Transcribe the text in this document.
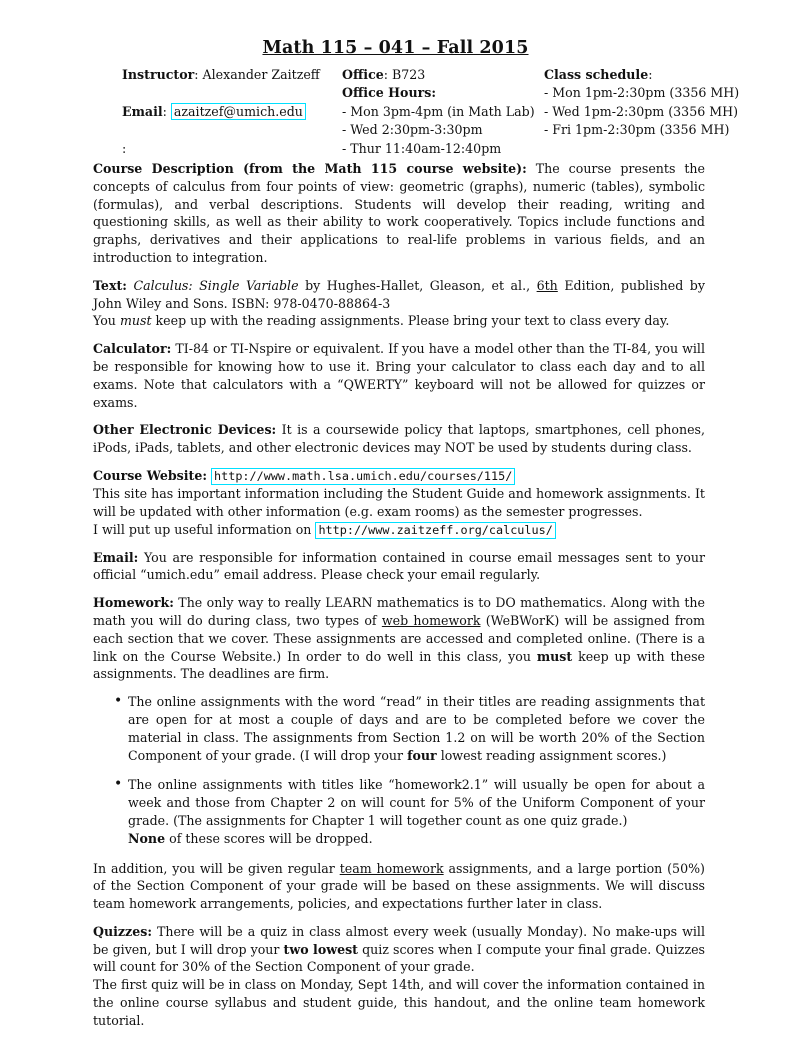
Math 115 – 041 – Fall 2015
Instructor: Alexander Zaitzeff
Email: azaitzef@umich.edu
:
Office: B723
Office Hours:
- Mon 3pm-4pm (in Math Lab)
- Wed 2:30pm-3:30pm
- Thur 11:40am-12:40pm
Class schedule:
- Mon 1pm-2:30pm (3356 MH)
- Wed 1pm-2:30pm (3356 MH)
- Fri 1pm-2:30pm (3356 MH)

Course Description (from the Math 115 course website): The course presents the concepts of calculus from four points of view: geometric (graphs), numeric (tables), symbolic (formulas), and verbal descriptions. Students will develop their reading, writing and questioning skills, as well as their ability to work cooperatively. Topics include functions and graphs, derivatives and their applications to real-life problems in various fields, and an introduction to integration.

Text: Calculus: Single Variable by Hughes-Hallet, Gleason, et al., 6th Edition, published by John Wiley and Sons. ISBN: 978-0470-88864-3
You must keep up with the reading assignments. Please bring your text to class every day.

Calculator: TI-84 or TI-Nspire or equivalent. If you have a model other than the TI-84, you will be responsible for knowing how to use it. Bring your calculator to class each day and to all exams. Note that calculators with a “QWERTY” keyboard will not be allowed for quizzes or exams.

Other Electronic Devices: It is a coursewide policy that laptops, smartphones, cell phones, iPods, iPads, tablets, and other electronic devices may NOT be used by students during class.

Course Website: http://www.math.lsa.umich.edu/courses/115/
This site has important information including the Student Guide and homework assignments. It will be updated with other information (e.g. exam rooms) as the semester progresses.
I will put up useful information on http://www.zaitzeff.org/calculus/

Email: You are responsible for information contained in course email messages sent to your official “umich.edu” email address. Please check your email regularly.

Homework: The only way to really LEARN mathematics is to DO mathematics. Along with the math you will do during class, two types of web homework (WeBWorK) will be assigned from each section that we cover. These assignments are accessed and completed online. (There is a link on the Course Website.) In order to do well in this class, you must keep up with these assignments. The deadlines are firm.

• The online assignments with the word “read” in their titles are reading assignments that are open for at most a couple of days and are to be completed before we cover the material in class. The assignments from Section 1.2 on will be worth 20% of the Section Component of your grade. (I will drop your four lowest reading assignment scores.)
• The online assignments with titles like “homework2.1” will usually be open for about a week and those from Chapter 2 on will count for 5% of the Uniform Component of your grade. (The assignments for Chapter 1 will together count as one quiz grade.)
None of these scores will be dropped.

In addition, you will be given regular team homework assignments, and a large portion (50%) of the Section Component of your grade will be based on these assignments. We will discuss team homework arrangements, policies, and expectations further later in class.

Quizzes: There will be a quiz in class almost every week (usually Monday). No make-ups will be given, but I will drop your two lowest quiz scores when I compute your final grade. Quizzes will count for 30% of the Section Component of your grade.
The first quiz will be in class on Monday, Sept 14th, and will cover the information contained in the online course syllabus and student guide, this handout, and the online team homework tutorial.
